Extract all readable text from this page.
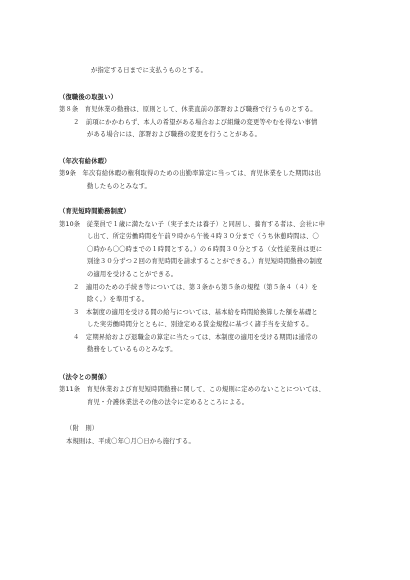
が指定する日までに支払うものとする。
（復職後の取扱い）
第８条　育児休業の勤務は、原則として、休業直前の部署および職務で行うものとする。
２　前項にかかわらず、本人の希望がある場合および組織の変更等やむを得ない事情
がある場合には、部署および職務の変更を行うことがある。
（年次有給休暇）
第9条　年次有給休暇の権利取得のための出勤率算定に当っては、育児休業をした期間は出
勤したものとみなす。
（育児短時間勤務制度）
第10条　従業員で１歳に満たない子（実子または養子）と同居し、養育する者は、会社に申
し出て、所定労働時間を午前９時から午後４時３０分まで（うち休憩時間は、〇
〇時から〇〇時までの１時間とする。）の６時間３０分とする（女性従業員は更に
別途３０分ずつ２回の育児時間を請求することができる。）育児短時間勤務の制度
の適用を受けることができる。
２　適用のための手続き等については、第３条から第５条の規程（第５条４（４）を
除く。）を準用する。
３　本制度の適用を受ける間の給与については、基本給を時間給換算した額を基礎と
した実労働時間分とともに、別途定める賃金規程に基づく諸手当を支給する。
４　定期昇給および退職金の算定に当たっては、本制度の適用を受ける期間は通常の
勤務をしているものとみなす。
（法令との関係）
第11条　育児休業および育児短時間勤務に関して、この規則に定めのないことについては、
育児・介護休業法その他の法令に定めるところによる。
（附　則）
本規則は、平成〇年〇月〇日から施行する。
